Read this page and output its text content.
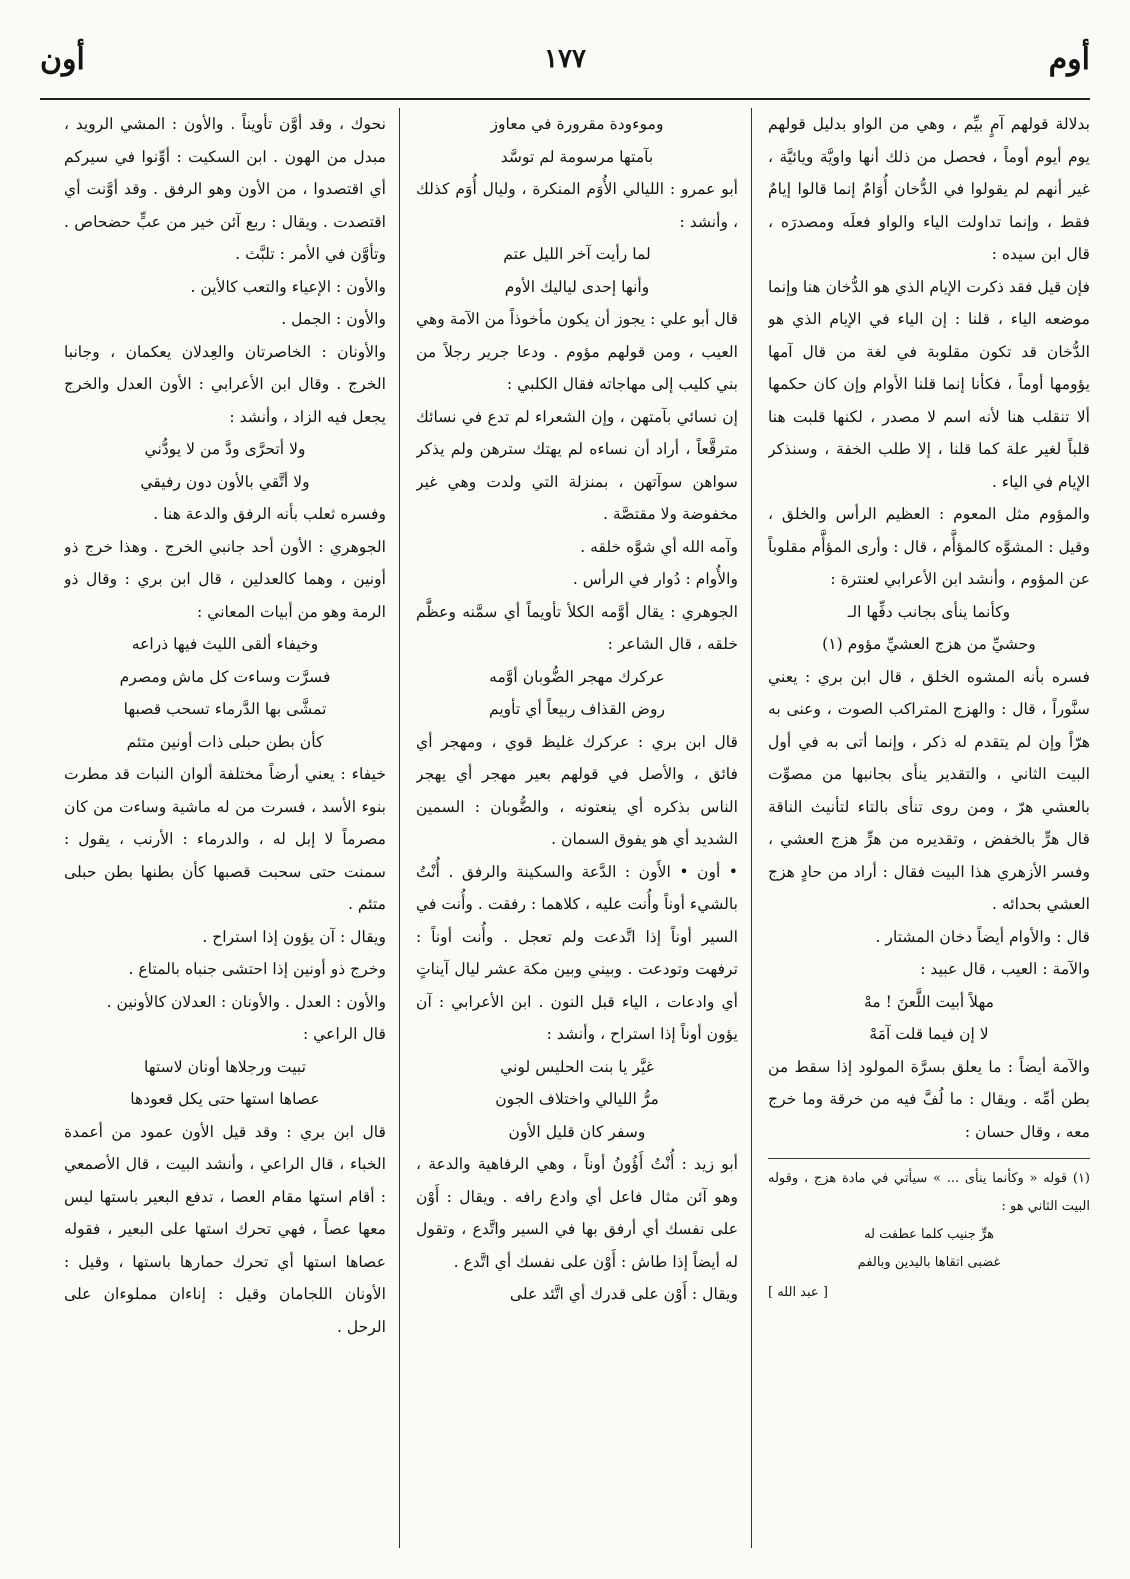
أوم
١٧٧
أون

بدلالة قولهم آمٍ بيِّم ، وهي من الواو بدليل قولهم يوم أيوم أوماً ، فحصل من ذلك أنها واويَّة ويائيَّة ، غير أنهم لم يقولوا في الدُّخان أُوَامٌ إنما قالوا إيامٌ فقط ، وإنما تداولت الياء والواو فعلَه ومصدرَه ، قال ابن سيده :

فإن قيل فقد ذكرت الإيام الذي هو الدُّخان هنا وإنما موضعه الياء ، قلنا : إن الياء في الإيام الذي هو الدُّخان قد تكون مقلوبة في لغة من قال آمها يؤومها أوماً ، فكأنا إنما قلنا الأوام وإن كان حكمها ألا تنقلب هنا لأنه اسم لا مصدر ، لكنها قلبت هنا قلباً لغير علة كما قلنا ، إلا طلب الخفة ، وسنذكر الإيام في الياء .

والمؤوم مثل المعوم : العظيم الرأس والخلق ، وقيل : المشوَّه كالمؤأَّم ، قال : وأرى المؤأَّم مقلوباً عن المؤوم ، وأنشد ابن الأعرابي لعنترة :

وكأنما ينأى بجانب دفِّها الـ

وحشيِّ من هزج العشيِّ مؤوم (١)

فسره بأنه المشوه الخلق ، قال ابن بري : يعني سنَّوراً ، قال : والهزج المتراكب الصوت ، وعنى به هرّاً وإن لم يتقدم له ذكر ، وإنما أتى به في أول البيت الثاني ، والتقدير ينأى بجانبها من مصوِّت بالعشي هرّ ، ومن روى تنأى بالتاء لتأنيث الناقة قال هرٍّ بالخفض ، وتقديره من هرٍّ هزج العشي ، وفسر الأزهري هذا البيت فقال : أراد من حادٍ هزج العشي بحدائه .

قال : والأوام أيضاً دخان المشتار .

والآمة : العيب ، قال عبيد :

مهلاً أبيت اللَّعنَ ! مهْ

لا إن فيما قلت آمَهْ

والآمة أيضاً : ما يعلق بسرَّة المولود إذا سقط من بطن أمِّه . ويقال : ما لُفَّ فيه من خرقة وما خرج معه ، وقال حسان :

(١) قوله « وكأنما ينأى ... » سيأتي في مادة هزج ، وقوله البيت الثاني هو :

هرٍّ جنيب كلما عطفت له

غضبى اتقاها باليدين وبالفم

[ عبد الله ]

وموءودة مقرورة في معاوز

بآمتها مرسومة لم توسَّد

أبو عمرو : الليالي الأُوَم المنكرة ، وليال أُوَم كذلك ، وأنشد :

لما رأيت آخر الليل عتم

وأنها إحدى لياليك الأوم

قال أبو علي : يجوز أن يكون مأخوذاً من الآمة وهي العيب ، ومن قولهم مؤوم . ودعا جرير رجلاً من بني كليب إلى مهاجاته فقال الكلبي :

إن نسائي بآمتهن ، وإن الشعراء لم تدع في نسائك مترقَّعاً ، أراد أن نساءه لم يهتك سترهن ولم يذكر سواهن سوآتهن ، بمنزلة التي ولدت وهي غير مخفوضة ولا مقتصَّة .

وآمه الله أي شوَّه خلقه .

والأُوام : دُوار في الرأس .

الجوهري : يقال أوَّمه الكلأ تأويماً أي سمَّنه وعظَّم خلقه ، قال الشاعر :

عركرك مهجر الضُّوبان أوَّمه

روض القذاف ربيعاً أي تأويم

قال ابن بري : عركرك غليظ قوي ، ومهجر أي فائق ، والأصل في قولهم بعير مهجر أي يهجر الناس بذكره أي ينعتونه ، والضُّوبان : السمين الشديد أي هو يفوق السمان .

• أون • الأَون : الدَّعة والسكينة والرفق . أُنْتُ بالشيء أوناً وأُنت عليه ، كلاهما : رفقت . وأُنت في السير أوناً إذا اتَّدعت ولم تعجل . وأُنت أوناً : ترفهت وتودعت . وبيني وبين مكة عشر ليال آيناتٍ أي وادعات ، الياء قبل النون . ابن الأعرابي : آن يؤون أوناً إذا استراح ، وأنشد :

غيَّر يا بنت الحليس لوني

مرُّ الليالي واختلاف الجون

وسفر كان قليل الأون

أبو زيد : أُنْتُ أَؤُونُ أوناً ، وهي الرفاهية والدعة ، وهو آئن مثال فاعل أي وادع رافه . ويقال : أَوْن على نفسك أي أرفق بها في السير واتَّدع ، وتقول له أيضاً إذا طاش : أَوْن على نفسك أي اتَّدع .

ويقال : أَوْن على قدرك أي اتَّئد على

نحوك ، وقد أوَّن تأويناً . والأون : المشي الرويد ، مبدل من الهون . ابن السكيت : أوِّنوا في سيركم أي اقتصدوا ، من الأون وهو الرفق . وقد أوَّنت أي اقتصدت . ويقال : ربع آئن خير من عبٍّ حضحاص . وتأوَّن في الأمر : تلبَّث .

والأون : الإعياء والتعب كالأين .

والأون : الجمل .

والأونان : الخاصرتان والعِدلان يعكمان ، وجانبا الخرج . وقال ابن الأعرابي : الأون العدل والخرج يجعل فيه الزاد ، وأنشد :

ولا أتحرَّى ودَّ من لا يودُّني

ولا أتَّقي بالأون دون رفيقي

وفسره ثعلب بأنه الرفق والدعة هنا .

الجوهري : الأون أحد جانبي الخرج . وهذا خرج ذو أونين ، وهما كالعدلين ، قال ابن بري : وقال ذو الرمة وهو من أبيات المعاني :

وخيفاء ألقى الليث فيها ذراعه

فسرَّت وساءت كل ماش ومصرم

تمشَّى بها الدَّرماء تسحب قصبها

كأن بطن حبلى ذات أونين متئم

خيفاء : يعني أرضاً مختلفة ألوان النبات قد مطرت بنوء الأسد ، فسرت من له ماشية وساءت من كان مصرماً لا إبل له ، والدرماء : الأرنب ، يقول : سمنت حتى سحبت قصبها كأن بطنها بطن حبلى متئم .

ويقال : آن يؤون إذا استراح .

وخرج ذو أونين إذا احتشى جنباه بالمتاع .

والأون : العدل . والأونان : العدلان كالأونين .

قال الراعي :

تبيت ورجلاها أونان لاستها

عصاها استها حتى يكل قعودها

قال ابن بري : وقد قيل الأون عمود من أعمدة الخباء ، قال الراعي ، وأنشد البيت ، قال الأصمعي : أقام استها مقام العصا ، تدفع البعير باستها ليس معها عصاً ، فهي تحرك استها على البعير ، فقوله عصاها استها أي تحرك حمارها باستها ، وقيل : الأونان اللجامان وقيل : إناءان مملوءان على الرحل .
